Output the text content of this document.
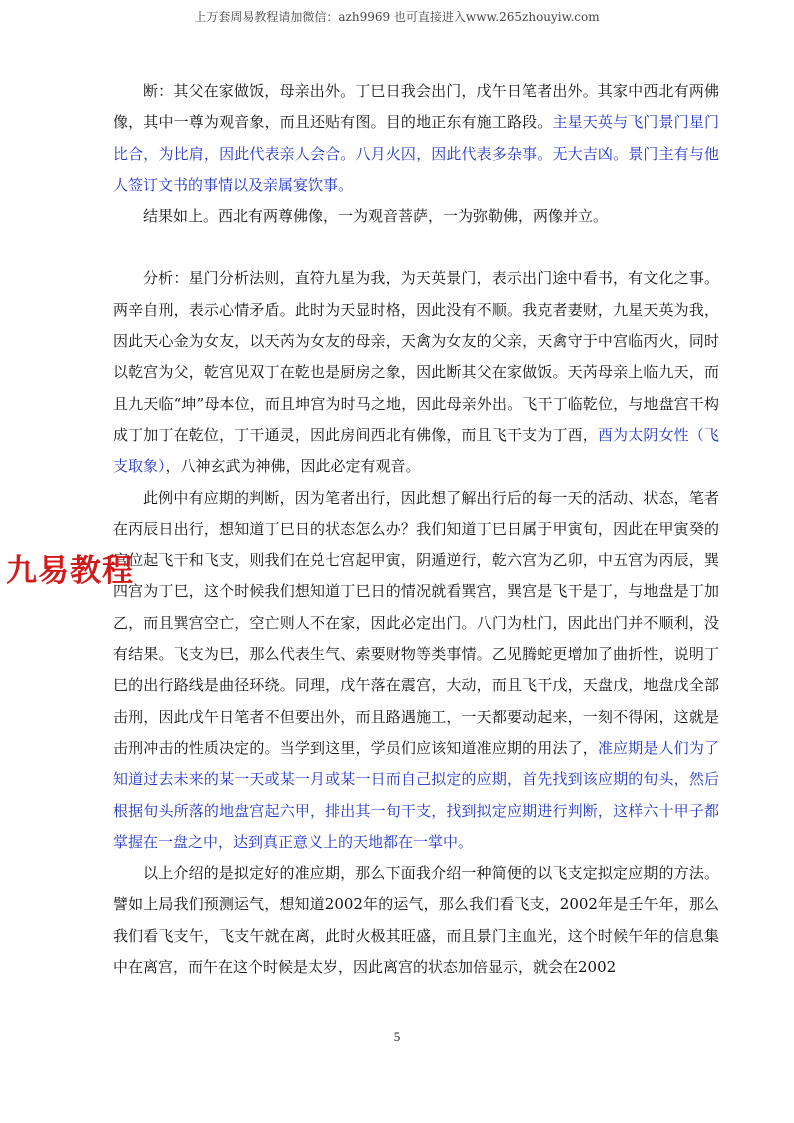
上万套周易教程请加微信：azh9969 也可直接进入www.265zhouyiw.com

断：其父在家做饭，母亲出外。丁巳日我会出门，戊午日笔者出外。其家中西北有两佛像，其中一尊为观音象，而且还贴有图。目的地正东有施工路段。主星天英与飞门景门星门比合，为比肩，因此代表亲人会合。八月火囚，因此代表多杂事。无大吉凶。景门主有与他人签订文书的事情以及亲属宴饮事。

结果如上。西北有两尊佛像，一为观音菩萨，一为弥勒佛，两像并立。

分析：星门分析法则，直符九星为我，为天英景门，表示出门途中看书，有文化之事。两辛自刑，表示心情矛盾。此时为天显时格，因此没有不顺。我克者妻财，九星天英为我，因此天心金为女友，以天芮为女友的母亲，天禽为女友的父亲，天禽守于中宫临丙火，同时以乾宫为父，乾宫见双丁在乾也是厨房之象，因此断其父在家做饭。天芮母亲上临九天，而且九天临“坤”母本位，而且坤宫为时马之地，因此母亲外出。飞干丁临乾位，与地盘宫干构成丁加丁在乾位，丁干通灵，因此房间西北有佛像，而且飞干支为丁酉，酉为太阴女性（飞支取象），八神玄武为神佛，因此必定有观音。

此例中有应期的判断，因为笔者出行，因此想了解出行后的每一天的活动、状态，笔者在丙辰日出行，想知道丁巳日的状态怎么办？我们知道丁巳日属于甲寅旬，因此在甲寅癸的宫位起飞干和飞支，则我们在兑七宫起甲寅，阴遁逆行，乾六宫为乙卯，中五宫为丙辰，巽四宫为丁巳，这个时候我们想知道丁巳日的情况就看巽宫，巽宫是飞干是丁，与地盘是丁加乙，而且巽宫空亡，空亡则人不在家，因此必定出门。八门为杜门，因此出门并不顺利，没有结果。飞支为巳，那么代表生气、索要财物等类事情。乙见腾蛇更增加了曲折性，说明丁巳的出行路线是曲径环绕。同理，戊午落在震宫，大动，而且飞干戊，天盘戊，地盘戊全部击刑，因此戊午日笔者不但要出外，而且路遇施工，一天都要动起来，一刻不得闲，这就是击刑冲击的性质决定的。当学到这里，学员们应该知道准应期的用法了，准应期是人们为了知道过去未来的某一天或某一月或某一日而自己拟定的应期，首先找到该应期的旬头，然后根据旬头所落的地盘宫起六甲，排出其一旬干支，找到拟定应期进行判断，这样六十甲子都掌握在一盘之中，达到真正意义上的天地都在一掌中。

以上介绍的是拟定好的准应期，那么下面我介绍一种简便的以飞支定拟定应期的方法。譬如上局我们预测运气，想知道2002年的运气，那么我们看飞支，2002年是壬午年，那么我们看飞支午，飞支午就在离，此时火极其旺盛，而且景门主血光，这个时候午年的信息集中在离宫，而午在这个时候是太岁，因此离宫的状态加倍显示，就会在2002

九易教程
5
